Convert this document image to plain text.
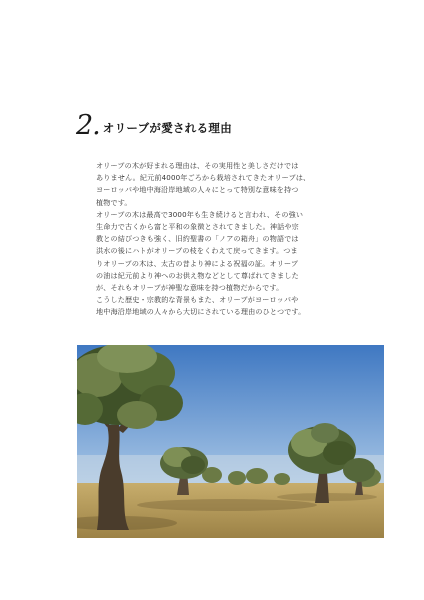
2. オリーブが愛される理由

オリーブの木が好まれる理由は、その実用性と美しさだけでは

ありません。紀元前4000年ごろから栽培されてきたオリーブは、

ヨーロッパや地中海沿岸地域の人々にとって特別な意味を持つ

植物です。

オリーブの木は最高で3000年も生き続けると言われ、その強い

生命力で古くから富と平和の象徴とされてきました。神話や宗

教との結びつきも強く、旧約聖書の「ノアの箱舟」の物語では

洪水の後にハトがオリーブの枝をくわえて戻ってきます。つま

りオリーブの木は、太古の昔より神による祝福の証。オリーブ

の油は紀元前より神へのお供え物などとして尊ばれてきました

が、それもオリーブが神聖な意味を持つ植物だからです。

こうした歴史・宗教的な背景もまた、オリーブがヨーロッパや

地中海沿岸地域の人々から大切にされている理由のひとつです。
